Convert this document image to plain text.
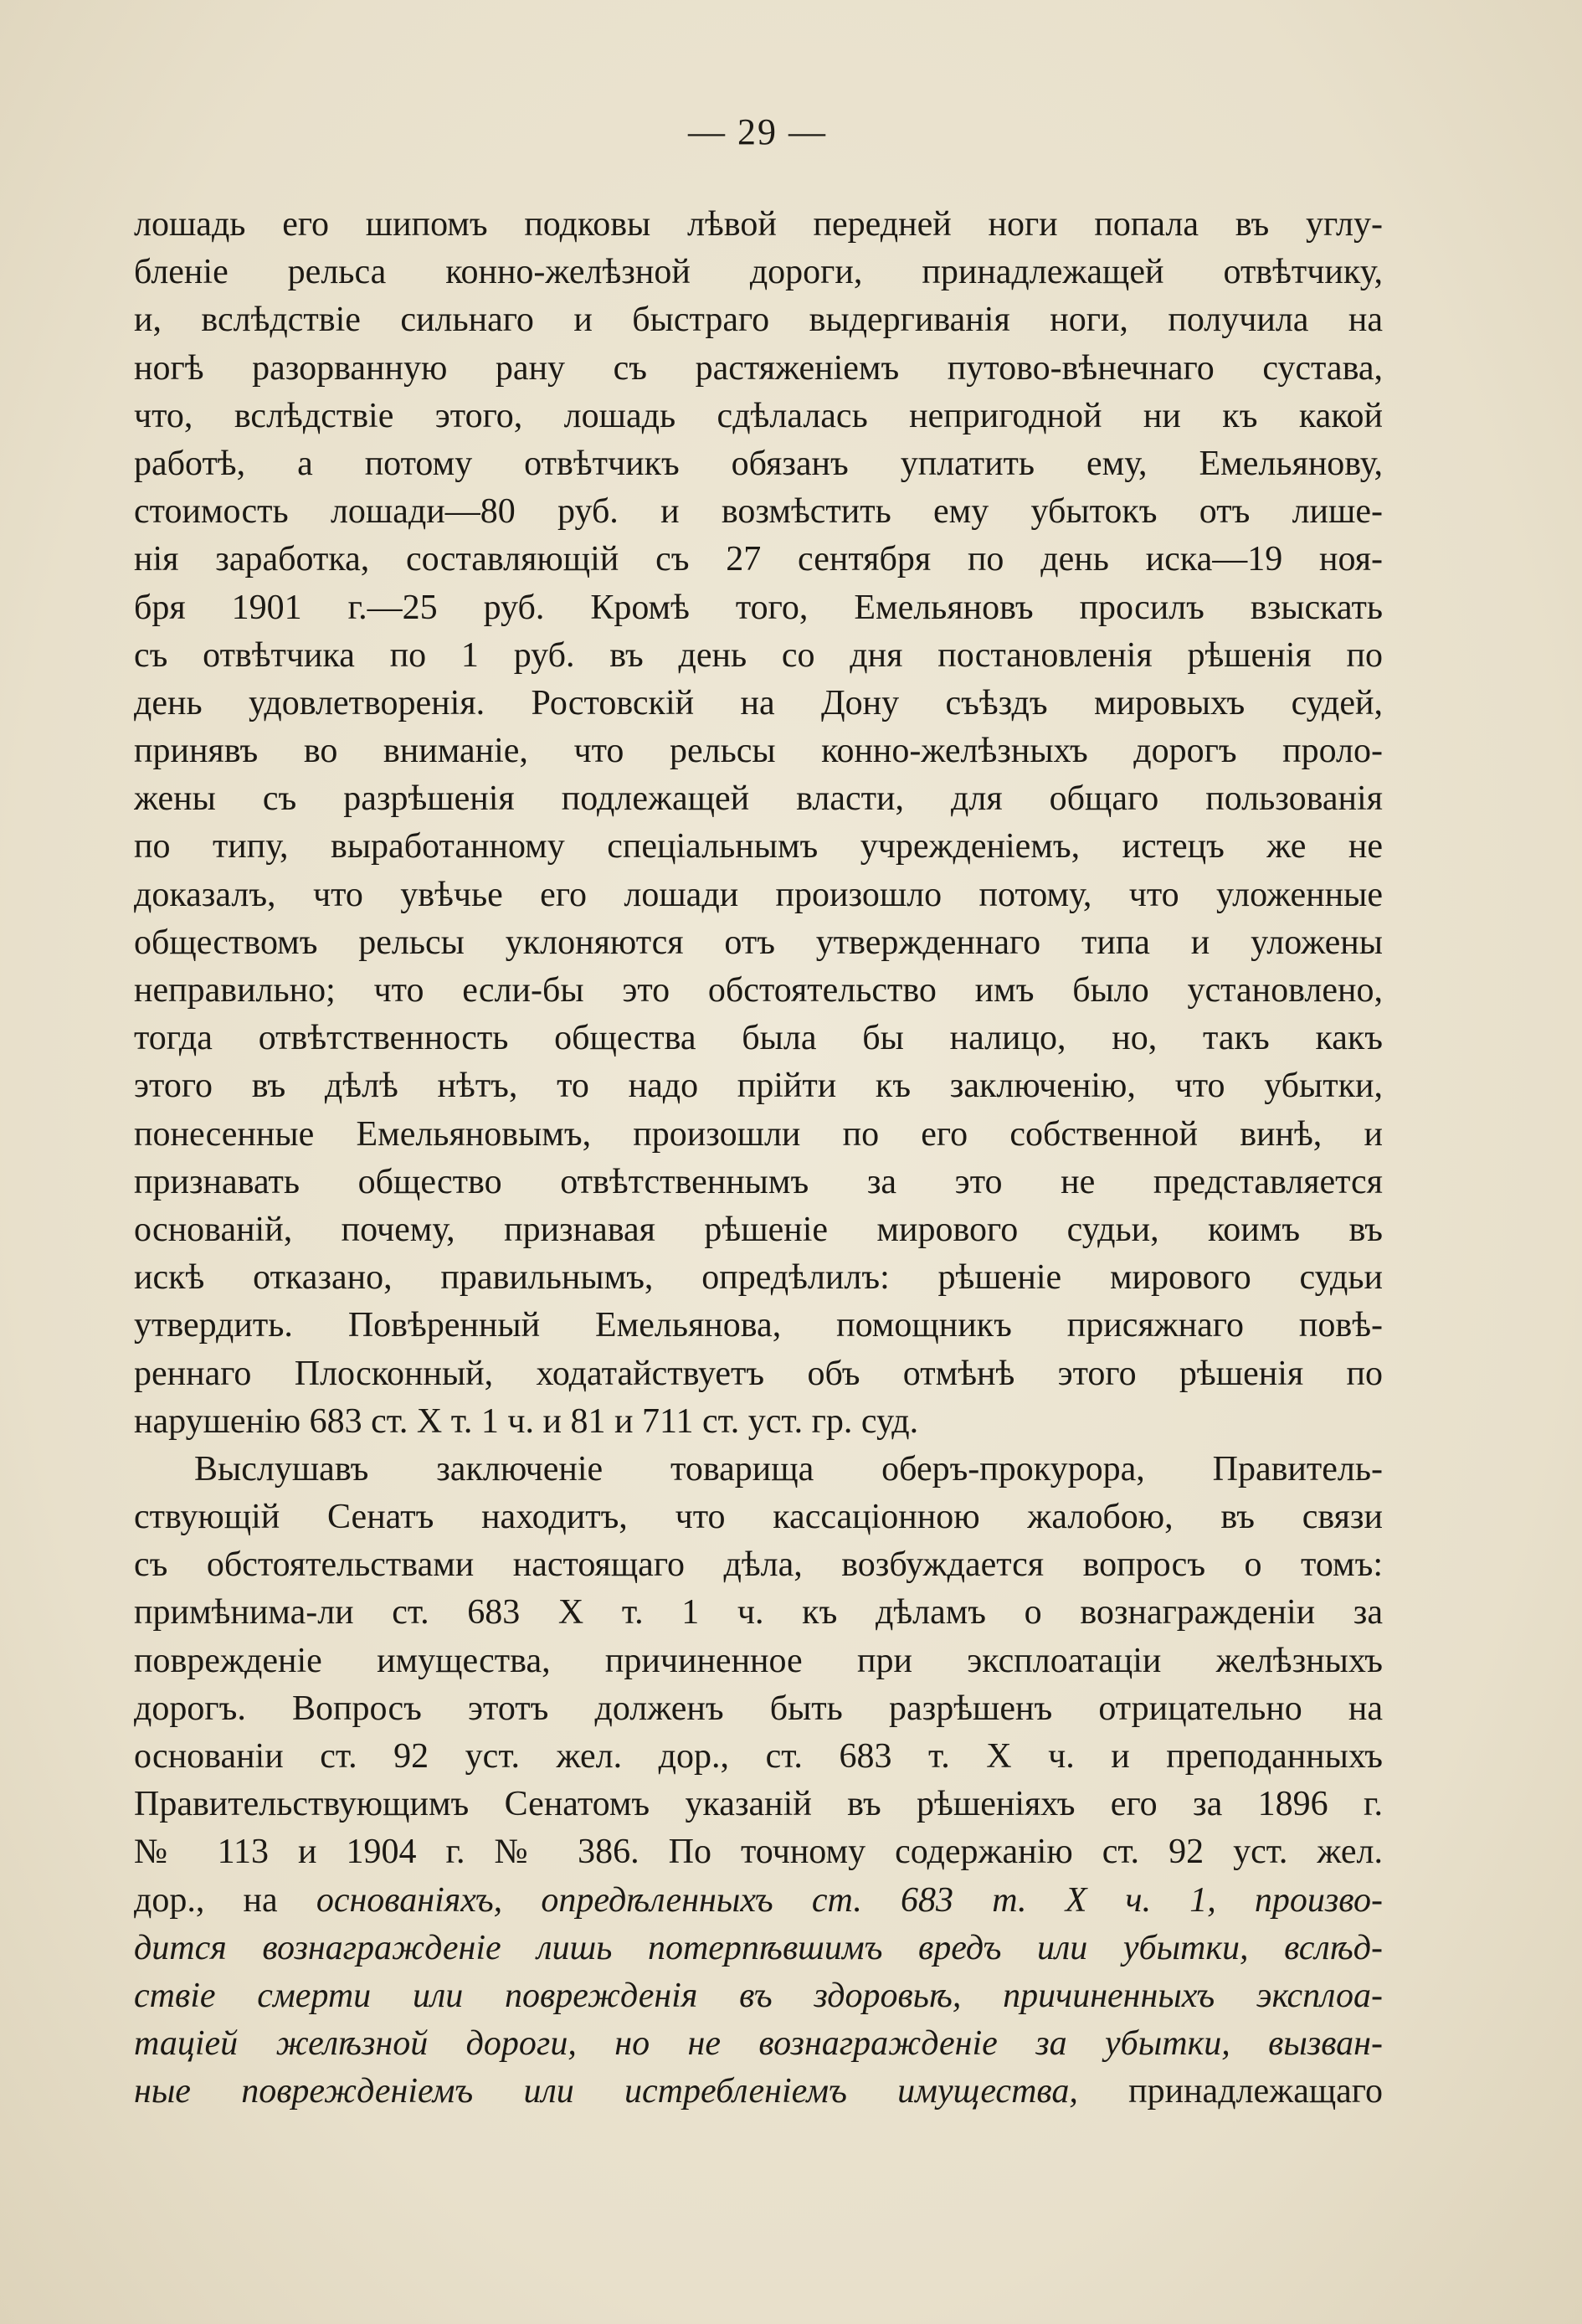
— 29 —
лошадь его шипомъ подковы лѣвой передней ноги попала въ углу-
бленіе рельса конно-желѣзной дороги, принадлежащей отвѣтчику,
и, вслѣдствіе сильнаго и быстраго выдергиванія ноги, получила на
ногѣ разорванную рану съ растяженіемъ путово-вѣнечнаго сустава,
что, вслѣдствіе этого, лошадь сдѣлалась непригодной ни къ какой
работѣ, а потому отвѣтчикъ обязанъ уплатить ему, Емельянову,
стоимость лошади—80 руб. и возмѣстить ему убытокъ отъ лише-
нія заработка, составляющій съ 27 сентября по день иска—19 ноя-
бря 1901 г.—25 руб. Кромѣ того, Емельяновъ просилъ взыскать
съ отвѣтчика по 1 руб. въ день со дня постановленія рѣшенія по
день удовлетворенія. Ростовскій на Дону съѣздъ мировыхъ судей,
принявъ во вниманіе, что рельсы конно-желѣзныхъ дорогъ проло-
жены съ разрѣшенія подлежащей власти, для общаго пользованія
по типу, выработанному спеціальнымъ учрежденіемъ, истецъ же не
доказалъ, что увѣчье его лошади произошло потому, что уложенные
обществомъ рельсы уклоняются отъ утвержденнаго типа и уложены
неправильно; что если-бы это обстоятельство имъ было установлено,
тогда отвѣтственность общества была бы налицо, но, такъ какъ
этого въ дѣлѣ нѣтъ, то надо прійти къ заключенію, что убытки,
понесенные Емельяновымъ, произошли по его собственной винѣ, и
признавать общество отвѣтственнымъ за это не представляется
основаній, почему, признавая рѣшеніе мирового судьи, коимъ въ
искѣ отказано, правильнымъ, опредѣлилъ: рѣшеніе мирового судьи
утвердить. Повѣренный Емельянова, помощникъ присяжнаго повѣ-
реннаго Плосконный, ходатайствуетъ объ отмѣнѣ этого рѣшенія по
нарушенію 683 ст. X т. 1 ч. и 81 и 711 ст. уст. гр. суд.
Выслушавъ заключеніе товарища оберъ-прокурора, Правитель-
ствующій Сенатъ находитъ, что кассаціонною жалобою, въ связи
съ обстоятельствами настоящаго дѣла, возбуждается вопросъ о томъ:
примѣнима-ли ст. 683 X т. 1 ч. къ дѣламъ о вознагражденіи за
поврежденіе имущества, причиненное при эксплоатаціи желѣзныхъ
дорогъ. Вопросъ этотъ долженъ быть разрѣшенъ отрицательно на
основаніи ст. 92 уст. жел. дор., ст. 683 т. X ч. и преподанныхъ
Правительствующимъ Сенатомъ указаній въ рѣшеніяхъ его за 1896 г.
№ 113 и 1904 г. № 386. По точному содержанію ст. 92 уст. жел.
дор., на основаніяхъ, опредѣленныхъ ст. 683 т. X ч. 1, произво-
дится вознагражденіе лишь потерпѣвшимъ вредъ или убытки, вслѣд-
ствіе смерти или поврежденія въ здоровьѣ, причиненныхъ эксплоа-
таціей желѣзной дороги, но не вознагражденіе за убытки, вызван-
ные поврежденіемъ или истребленіемъ имущества, принадлежащаго
